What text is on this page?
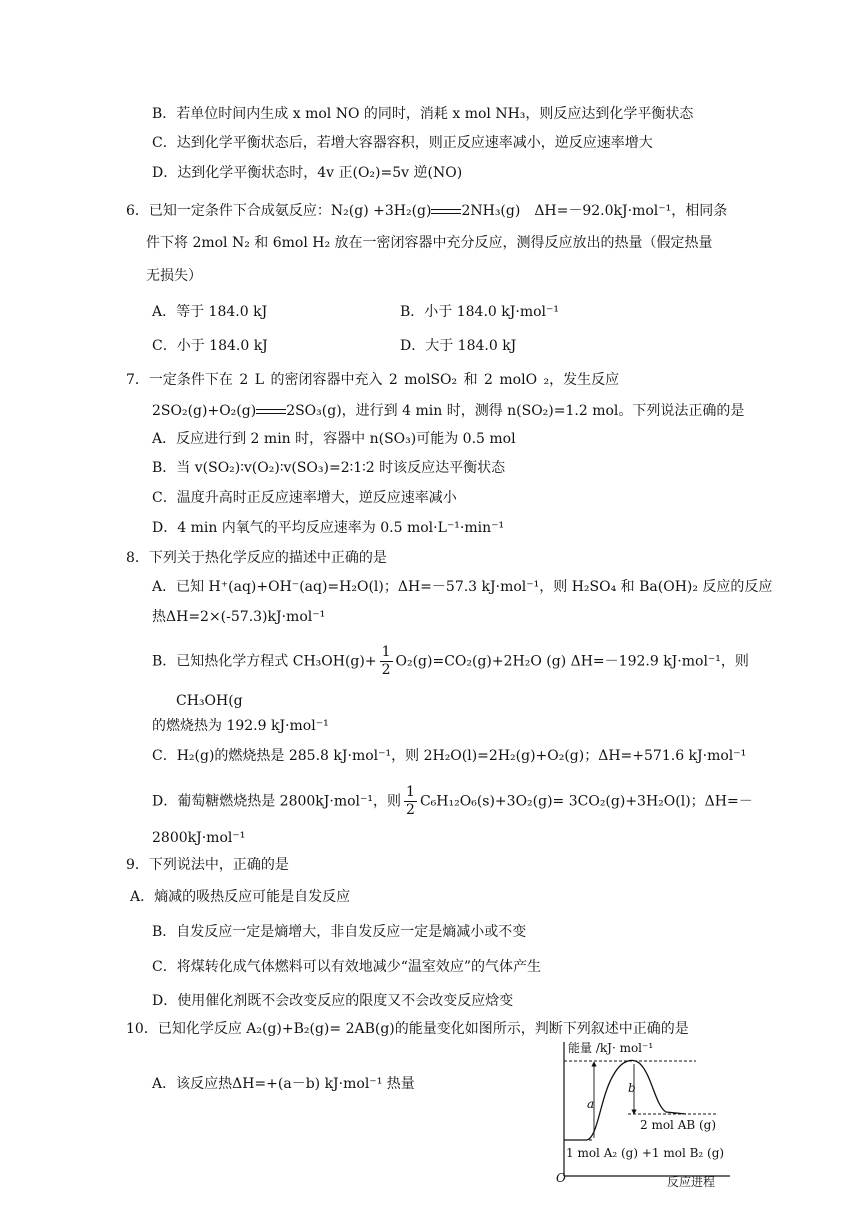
B．若单位时间内生成 x mol NO 的同时，消耗 x mol NH₃，则反应达到化学平衡状态
C．达到化学平衡状态后，若增大容器容积，则正反应速率减小，逆反应速率增大
D．达到化学平衡状态时，4v 正(O₂)=5v 逆(NO)
6．已知一定条件下合成氨反应：N₂(g) +3H₂(g) 2NH₃(g)　ΔH=－92.0kJ·mol⁻¹，相同条
件下将 2mol N₂ 和 6mol H₂ 放在一密闭容器中充分反应，测得反应放出的热量（假定热量
无损失）
A．等于 184.0 kJ	B．小于 184.0 kJ·mol⁻¹
C．小于 184.0 kJ	D．大于 184.0 kJ
7．一定条件下在 2 L 的密闭容器中充入 2 molSO₂ 和 2 molO ₂，发生反应
2SO₂(g)+O₂(g) 2SO₃(g)，进行到 4 min 时，测得 n(SO₂)=1.2 mol。下列说法正确的是
A．反应进行到 2 min 时，容器中 n(SO₃)可能为 0.5 mol
B．当 v(SO₂)∶v(O₂)∶v(SO₃)=2∶1∶2 时该反应达平衡状态
C．温度升高时正反应速率增大，逆反应速率减小
D．4 min 内氧气的平均反应速率为 0.5 mol·L⁻¹·min⁻¹
8．下列关于热化学反应的描述中正确的是
A．已知 H⁺(aq)+OH⁻(aq)=H₂O(l)；ΔH=－57.3 kJ·mol⁻¹，则 H₂SO₄ 和 Ba(OH)₂ 反应的反应
热ΔH=2×(-57.3)kJ·mol⁻¹
B．已知热化学方程式 $CH_3OH(g)+ \frac{1}{2} O_2(g)=CO_2(g)+2H_2O$ (g) ΔH=－192.9 kJ·mol⁻¹，则
CH₃OH(g
的燃烧热为 192.9 kJ·mol⁻¹
C．H₂(g)的燃烧热是 285.8 kJ·mol⁻¹，则 2H₂O(l)=2H₂(g)+O₂(g)；ΔH=+571.6 kJ·mol⁻¹
D．葡萄糖燃烧热是 2800kJ·mol⁻¹，则 $\frac{1}{2} C_6H_{12}O_6(s)+3O_2(g)= 3CO_2(g)+3H_2O(l)$；ΔH=－
2800kJ·mol⁻¹
9．下列说法中，正确的是
A．熵减的吸热反应可能是自发反应
B．自发反应一定是熵增大，非自发反应一定是熵减小或不变
C．将煤转化成气体燃料可以有效地减少“温室效应”的气体产生
D．使用催化剂既不会改变反应的限度又不会改变反应焓变
10．已知化学反应 A₂(g)+B₂(g)= 2AB(g)的能量变化如图所示，判断下列叙述中正确的是
A．该反应热ΔH=+(a－b) kJ·mol⁻¹ 热量
能量 /kJ· mol⁻¹
反应进程
O
a
b
2 mol AB (g)
1 mol A₂ (g) +1 mol B₂ (g)
